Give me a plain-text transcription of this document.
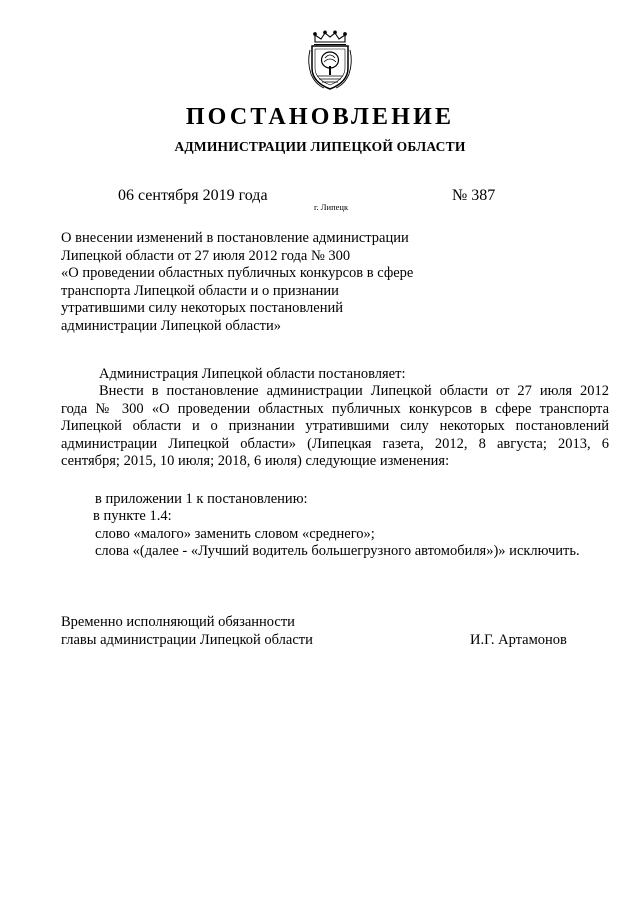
ПОСТАНОВЛЕНИЕ
АДМИНИСТРАЦИИ ЛИПЕЦКОЙ ОБЛАСТИ
06 сентября 2019 года
г. Липецк
№ 387
О внесении изменений в постановление администрации
Липецкой области от 27 июля 2012 года № 300
«О проведении областных публичных конкурсов в сфере
транспорта Липецкой области и о признании
утратившими силу некоторых постановлений
администрации Липецкой области»
Администрация Липецкой области постановляет:
Внести в постановление администрации Липецкой области от 27 июля 2012
года № 300 «О проведении областных публичных конкурсов в сфере транспорта
Липецкой области и о признании утратившими силу некоторых постановлений
администрации Липецкой области» (Липецкая газета, 2012, 8 августа; 2013, 6
сентября; 2015, 10 июля; 2018, 6 июля) следующие изменения:
в приложении 1 к постановлению:
в пункте 1.4:
слово «малого» заменить словом «среднего»;
слова «(далее - «Лучший водитель большегрузного автомобиля»)» исключить.
Временно исполняющий обязанности
главы администрации Липецкой области	И.Г. Артамонов
